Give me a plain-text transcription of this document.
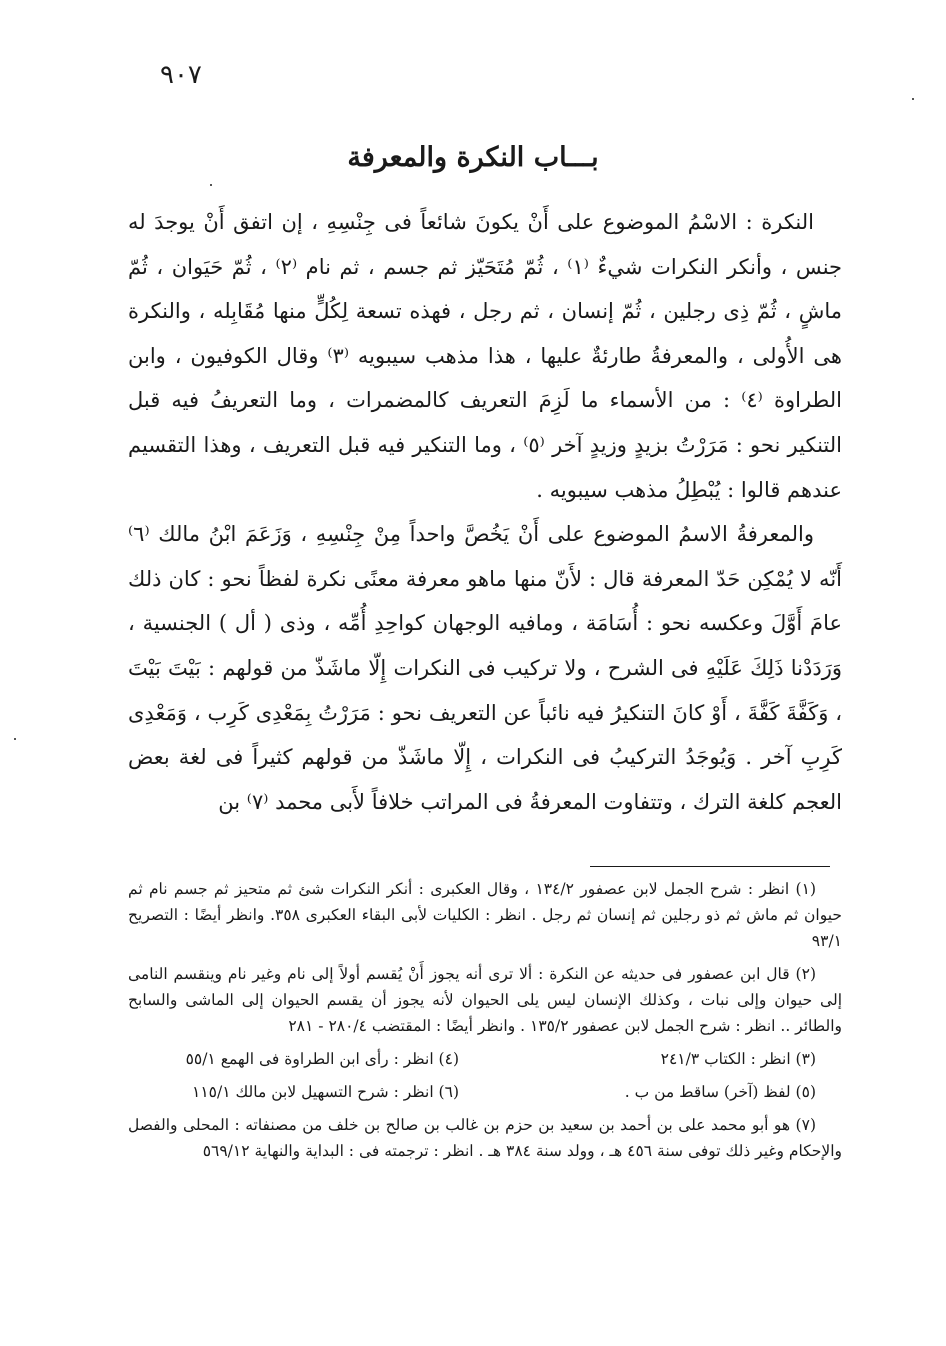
٩٠٧
بـــاب النكرة والمعرفة

النكرة : الاسْمُ الموضوع على أَنْ يكونَ شائعاً فى جِنْسِهِ ، إن اتفق أَنْ يوجدَ له جنس ، وأنكر النكرات شيءٌ ⁽١⁾ ، ثُمّ مُتَحَيّز ثم جسم ، ثم نام ⁽٢⁾ ، ثُمّ حَيَوان ، ثُمّ ماشٍ ، ثُمّ ذِى رجلين ، ثُمّ إنسان ، ثم رجل ، فهذه تسعة لِكُلٍّ منها مُقَابِله ، والنكرة هى الأُولى ، والمعرفةُ طارئةٌ عليها ، هذا مذهب سيبويه ⁽٣⁾ وقال الكوفيون ، وابن الطراوة ⁽٤⁾ : من الأسماء ما لَزِمَ التعريف كالمضمرات ، وما التعريفُ فيه قبل التنكير نحو : مَرَرْتُ بزيدٍ وزيدٍ آخر ⁽٥⁾ ، وما التنكير فيه قبل التعريف ، وهذا التقسيم عندهم قالوا : يُبْطِلُ مذهب سيبويه .

والمعرفةُ الاسمُ الموضوع على أَنْ يَخُصَّ واحداً مِنْ جِنْسِهِ ، وَزَعَمَ ابْنُ مالك ⁽٦⁾ أَنّه لا يُمْكِن حَدّ المعرفة قال : لأَنّ منها ماهو معرفة معنًى نكرة لفظاً نحو : كان ذلك عامَ أَوَّلَ وعكسه نحو : أُسَامَة ، ومافيه الوجهان كواحِدِ أُمِّه ، وذى ( أل ) الجنسية ، وَرَدَدْنا ذَلِكَ عَلَيْهِ فى الشرح ، ولا تركيب فى النكرات إِلّا ماشَذّ من قولهم : بَيْتَ بَيْتَ ، وَكَفَّةَ كَفَّةَ ، أَوْ كانَ التنكيرُ فيه نائباً عن التعريف نحو : مَرَرْتُ بِمَعْدِى كَرِب ، وَمَعْدِى كَرِبِ آخر . وَيُوجَدُ التركيبُ فى النكرات ، إِلّا ماشَذّ من قولهم كثيراً فى لغة بعض العجم كلغة الترك ، وتتفاوت المعرفةُ فى المراتب خلافاً لأَبى محمد ⁽٧⁾ بن

(١) انظر : شرح الجمل لابن عصفور ١٣٤/٢ ، وقال العكبرى : أنكر النكرات شئ ثم متحيز ثم جسم نام ثم حيوان ثم ماش ثم ذو رجلين ثم إنسان ثم رجل . انظر : الكليات لأبى البقاء العكبرى ٣٥٨. وانظر أيضًا : التصريح ٩٣/١

(٢) قال ابن عصفور فى حديثه عن النكرة : ألا ترى أنه يجوز أَنْ يُقسم أولاً إلى نام وغير نام وينقسم النامى إلى حيوان وإلى نبات ، وكذلك الإنسان ليس يلى الحيوان لأنه يجوز أن يقسم الحيوان إلى الماشى والسابح والطائر .. انظر : شرح الجمل لابن عصفور ١٣٥/٢ . وانظر أيضًا : المقتضب ٢٨٠/٤ - ٢٨١

(٣) انظر : الكتاب ٢٤١/٣
(٤) انظر : رأى ابن الطراوة فى الهمع ٥٥/١
(٥) لفظ (آخر) ساقط من ب .
(٦) انظر : شرح التسهيل لابن مالك ١١٥/١

(٧) هو أبو محمد على بن أحمد بن سعيد بن حزم بن غالب بن صالح بن خلف من مصنفاته : المحلى والفصل والإحكام وغير ذلك توفى سنة ٤٥٦ هـ ، وولد سنة ٣٨٤ هـ . انظر : ترجمته فى : البداية والنهاية ٥٦٩/١٢
